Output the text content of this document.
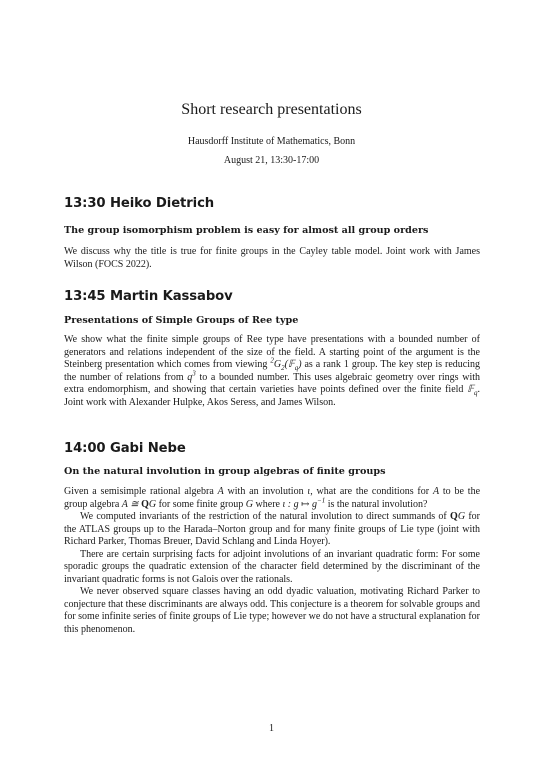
Short research presentations
Hausdorff Institute of Mathematics, Bonn
August 21, 13:30-17:00
13:30 Heiko Dietrich
The group isomorphism problem is easy for almost all group orders
We discuss why the title is true for finite groups in the Cayley table model. Joint work with James Wilson (FOCS 2022).
13:45 Martin Kassabov
Presentations of Simple Groups of Ree type
We show what the finite simple groups of Ree type have presentations with a bounded number of generators and relations independent of the size of the field. A starting point of the argument is the Steinberg presentation which comes from viewing $^2G_2(𝔽_q)$ as a rank 1 group. The key step is reducing the number of relations from $q^3$ to a bounded number. This uses algebraic geometry over rings with extra endomorphism, and showing that certain varieties have points defined over the finite field 𝔽$_q$. Joint work with Alexander Hulpke, Akos Seress, and James Wilson.
14:00 Gabi Nebe
On the natural involution in group algebras of finite groups
Given a semisimple rational algebra A with an involution ι, what are the conditions for A to be the group algebra A ≅ QG for some finite group G where ι : g ↦ $g^{-1}$ is the natural involution?
We computed invariants of the restriction of the natural involution to direct summands of QG for the ATLAS groups up to the Harada–Norton group and for many finite groups of Lie type (joint with Richard Parker, Thomas Breuer, David Schlang and Linda Hoyer).
There are certain surprising facts for adjoint involutions of an invariant quadratic form: For some sporadic groups the quadratic extension of the character field determined by the discriminant of the invariant quadratic forms is not Galois over the rationals.
We never observed square classes having an odd dyadic valuation, motivating Richard Parker to conjecture that these discriminants are always odd. This conjecture is a theorem for solvable groups and for some infinite series of finite groups of Lie type; however we do not have a structural explanation for this phenomenon.
1
